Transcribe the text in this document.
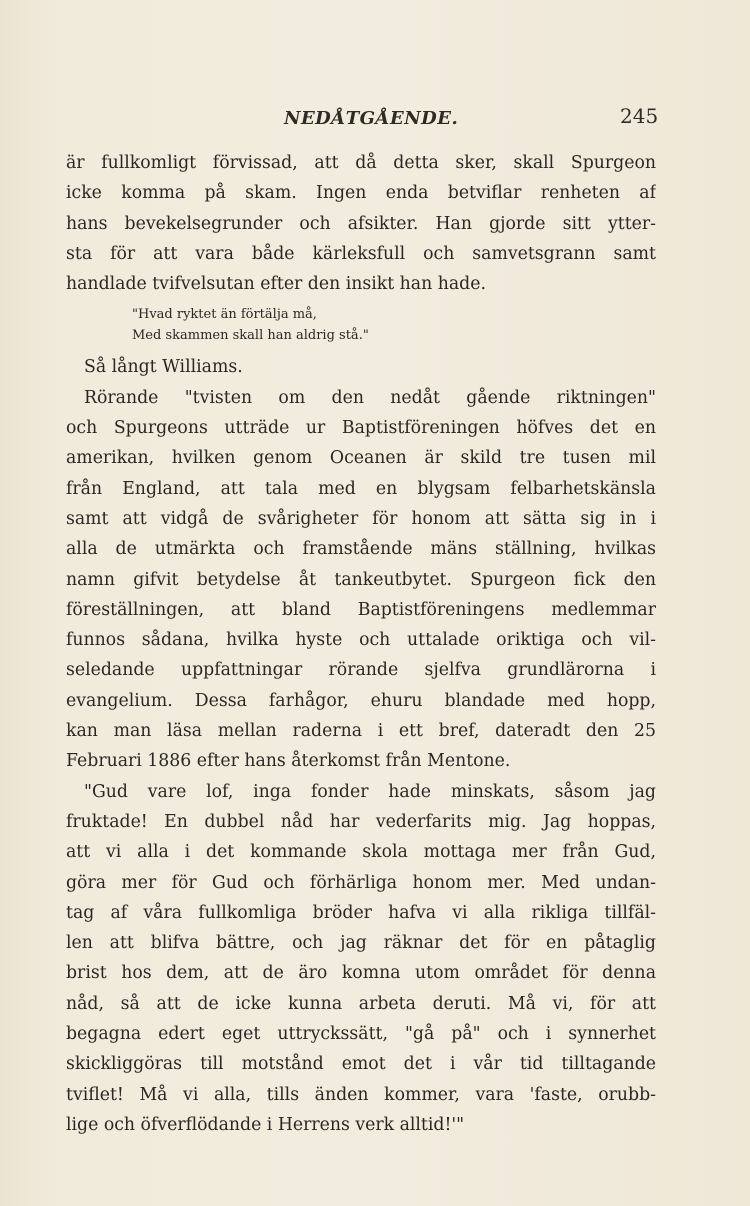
NEDÅTGÅENDE.	245
är fullkomligt förvissad, att då detta sker, skall Spurgeon
icke komma på skam. Ingen enda betviflar renheten af
hans bevekelsegrunder och afsikter. Han gjorde sitt ytter-
sta för att vara både kärleksfull och samvetsgrann samt
handlade tvifvelsutan efter den insikt han hade.
"Hvad ryktet än förtälja må,
Med skammen skall han aldrig stå."
Så långt Williams.
Rörande "tvisten om den nedåt gående riktningen"
och Spurgeons utträde ur Baptistföreningen höfves det en
amerikan, hvilken genom Oceanen är skild tre tusen mil
från England, att tala med en blygsam felbarhetskänsla
samt att vidgå de svårigheter för honom att sätta sig in i
alla de utmärkta och framstående mäns ställning, hvilkas
namn gifvit betydelse åt tankeutbytet. Spurgeon fick den
föreställningen, att bland Baptistföreningens medlemmar
funnos sådana, hvilka hyste och uttalade oriktiga och vil-
seledande uppfattningar rörande sjelfva grundlärorna i
evangelium. Dessa farhågor, ehuru blandade med hopp,
kan man läsa mellan raderna i ett bref, dateradt den 25
Februari 1886 efter hans återkomst från Mentone.
"Gud vare lof, inga fonder hade minskats, såsom jag
fruktade! En dubbel nåd har vederfarits mig. Jag hoppas,
att vi alla i det kommande skola mottaga mer från Gud,
göra mer för Gud och förhärliga honom mer. Med undan-
tag af våra fullkomliga bröder hafva vi alla rikliga tillfäl-
len att blifva bättre, och jag räknar det för en påtaglig
brist hos dem, att de äro komna utom området för denna
nåd, så att de icke kunna arbeta deruti. Må vi, för att
begagna edert eget uttryckssätt, "gå på" och i synnerhet
skickliggöras till motstånd emot det i vår tid tilltagande
tviflet! Må vi alla, tills änden kommer, vara 'faste, orubb-
lige och öfverflödande i Herrens verk alltid!'"
